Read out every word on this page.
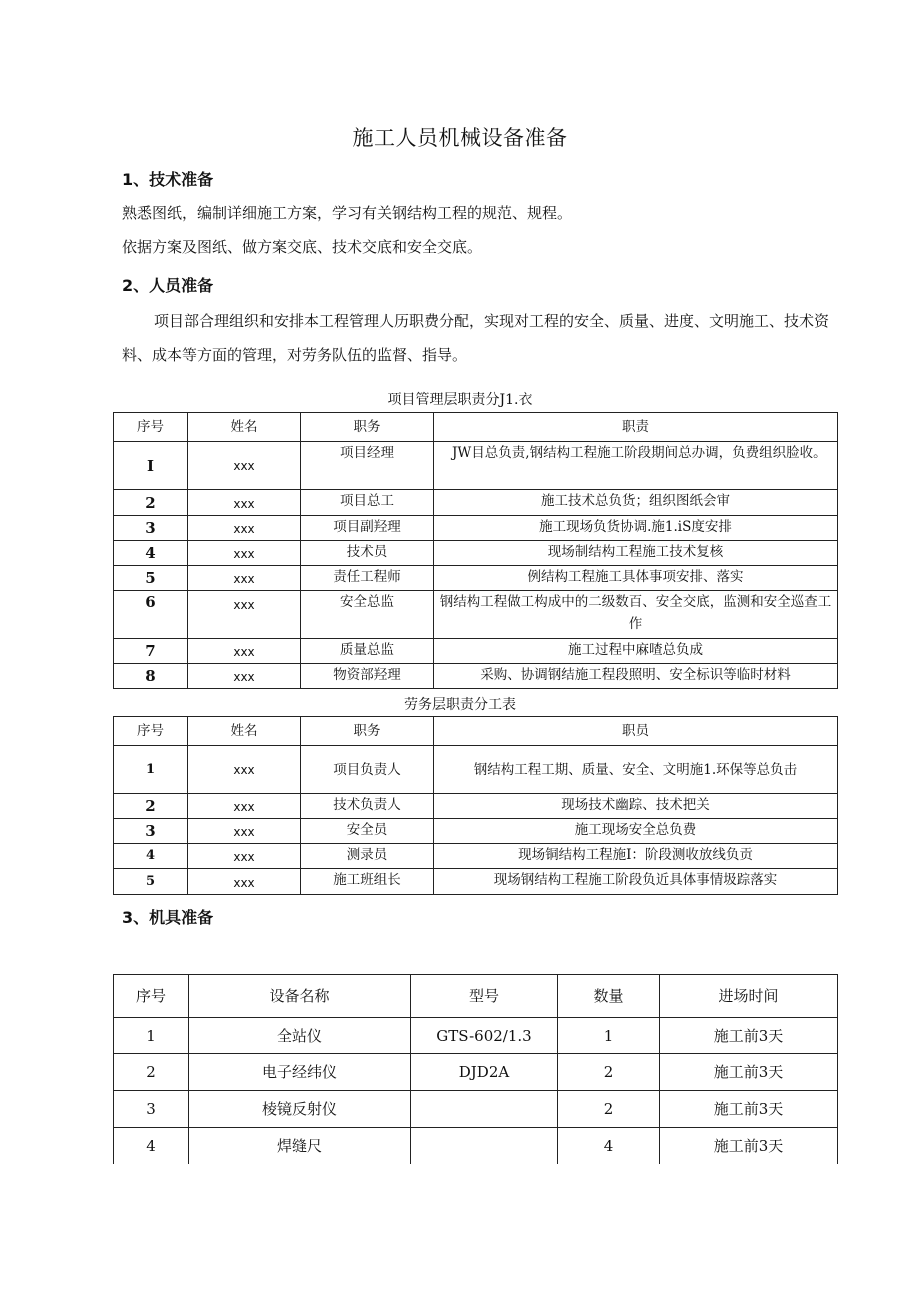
施工人员机械设备准备
1、技术准备
熟悉图纸，编制详细施工方案，学习有关钢结构工程的规范、规程。
依据方案及图纸、做方案交底、技术交底和安全交底。
2、人员准备
项目部合理组织和安排本工程管理人历职费分配，实现对工程的安全、质量、进度、文明施工、技术资料、成本等方面的管理，对劳务队伍的监督、指导。
项目管理层职责分J1.衣
序号	姓名	职务	职责
I	xxx	项目经理	JW目总负责,钢结构工程施工阶段期间总办调，负费组织脸收。
2	xxx	项目总工	施工技术总负货；组织图纸会审
3	xxx	项目副羟理	施工现场负货协调.施1.iS度安排
4	xxx	技术员	现场制结构工程施工技术复核
5	xxx	责任工程师	例结构工程施工具体事项安排、落实
6	xxx	安全总监	钢结构工程做工构成中的二级数百、安全交底，监测和安全巡查工作
7	xxx	质量总监	施工过程中麻喳总负成
8	xxx	物资部羟理	采购、协调钢结施工程段照明、安全标识等临时材料
劳务层职责分工表
序号	姓名	职务	职员
1	xxx	项目负责人	钢结构工程工期、质量、安全、文明施1.环保等总负击
2	xxx	技术负责人	现场技术幽踪、技术把关
3	xxx	安全员	施工现场安全总负费
4	xxx	测录员	现场铜结构工程施I：阶段测收放线负贡
5	xxx	施工班组长	现场钢结构工程施工阶段负近具体事情圾踪落实
3、机具准备
序号	设备名称	型号	数量	进场时间
1	全站仪	GTS-602/1.3	1	施工前3天
2	电子经纬仪	DJD2A	2	施工前3天
3	棱镜反射仪		2	施工前3天
4	焊缝尺		4	施工前3天
